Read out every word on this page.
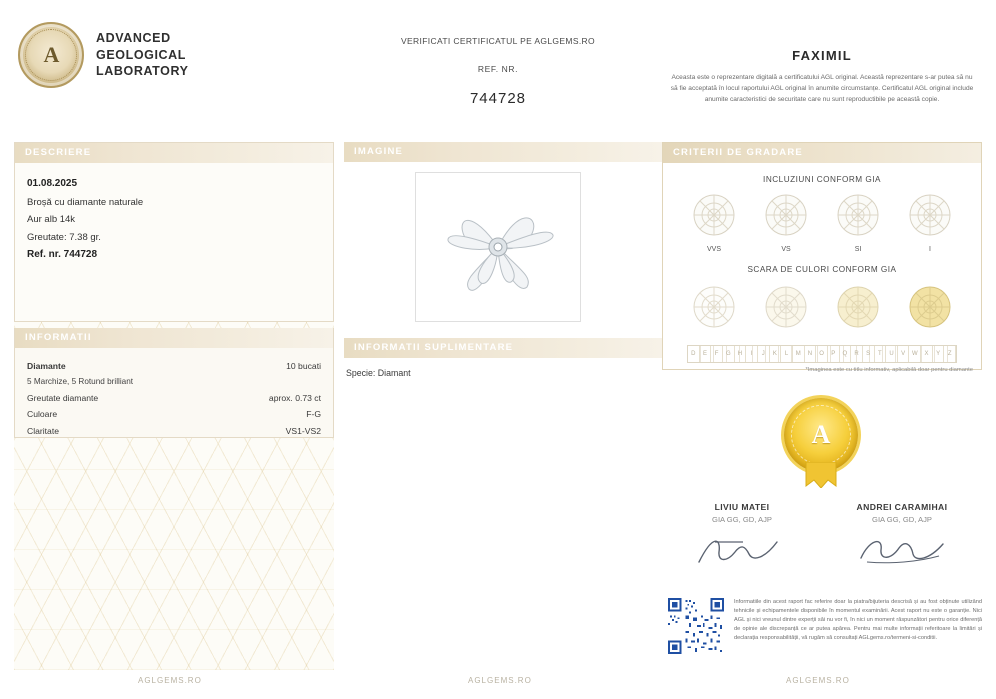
A
ADVANCED
GEOLOGICAL
LABORATORY
VERIFICATI CERTIFICATUL PE AGLGEMS.RO
REF. NR.
744728
FAXIMIL
Aceasta este o reprezentare digitală a certificatului AGL original. Această reprezentare s-ar putea să nu să fie acceptată în locul raportului AGL original în anumite circumstanțe. Certificatul AGL original include anumite caracteristici de securitate care nu sunt reproductibile pe această copie.
DESCRIERE
01.08.2025
Broșă cu diamante naturale
Aur alb 14k
Greutate: 7.38 gr.
Ref. nr. 744728
INFORMATII
Diamante	10 bucati
5 Marchize, 5 Rotund brilliant
Greutate diamante	aprox. 0.73 ct
Culoare	F-G
Claritate	VS1-VS2
IMAGINE
INFORMATII SUPLIMENTARE
Specie: Diamant
CRITERII DE GRADARE
INCLUZIUNI CONFORM GIA
VVS	VS	SI	I
SCARA DE CULORI CONFORM GIA
D	E	F	G	H	I	J	K	L	M	N	O	P	Q	R	S	T	U	V	W	X	Y	Z
*Imaginea este cu titlu informativ, aplicabilă doar pentru diamante
A
LIVIU MATEI
GIA GG, GD, AJP
ANDREI CARAMIHAI
GIA GG, GD, AJP
Informatiile din acest raport fac referire doar la piatra/bijuteria descrisă și au fost obținute utilizând tehnicile și echipamentele disponibile în momentul examinării. Acest raport nu este o garanție. Nici AGL și nici vreunul dintre experții săi nu vor fi, în nici un moment răspunzători pentru orice diferență de opinie ale discrepanță ce ar putea apărea. Pentru mai multe informații referitoare la limitări și declarația responsabilității, vă rugăm să consultați AGLgems.ro/termeni-si-conditii.
AGLGEMS.RO	AGLGEMS.RO	AGLGEMS.RO
